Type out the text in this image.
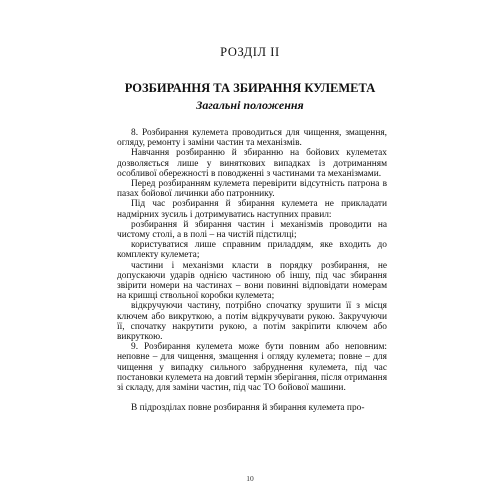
РОЗДІЛ II
РОЗБИРАННЯ ТА ЗБИРАННЯ КУЛЕМЕТА
Загальні положення

8. Розбирання кулемета проводиться для чищення, змащення, огляду, ремонту і заміни частин та механізмів.

Навчання розбиранню й збиранню на бойових кулеметах дозволяється лише у виняткових випадках із дотриманням особливої обережності в поводженні з частинами та механізмами.

Перед розбиранням кулемета перевірити відсутність патрона в пазах бойової личинки або патроннику.

Під час розбирання й збирання кулемета не прикладати надмірних зусиль і дотримуватись наступних правил:

розбирання й збирання частин і механізмів проводити на чистому столі, а в полі – на чистій підстилці;

користуватися лише справним приладдям, яке входить до комплекту кулемета;

частини і механізми класти в порядку розбирання, не допускаючи ударів однією частиною об іншу, під час збирання звірити номери на частинах – вони повинні відповідати номерам на кришці ствольної коробки кулемета;

відкручуючи частину, потрібно спочатку зрушити її з місця ключем або викруткою, а потім відкручувати рукою. Закручуючи її, спочатку накрутити рукою, а потім закріпити ключем або викруткою.

9. Розбирання кулемета може бути повним або неповним: неповне – для чищення, змащення і огляду кулемета; повне – для чищення у випадку сильного забруднення кулемета, під час постановки кулемета на довгий термін зберігання, після отримання зі складу, для заміни частин, під час ТО бойової машини.

В підрозділах повне розбирання й збирання кулемета про-

10
